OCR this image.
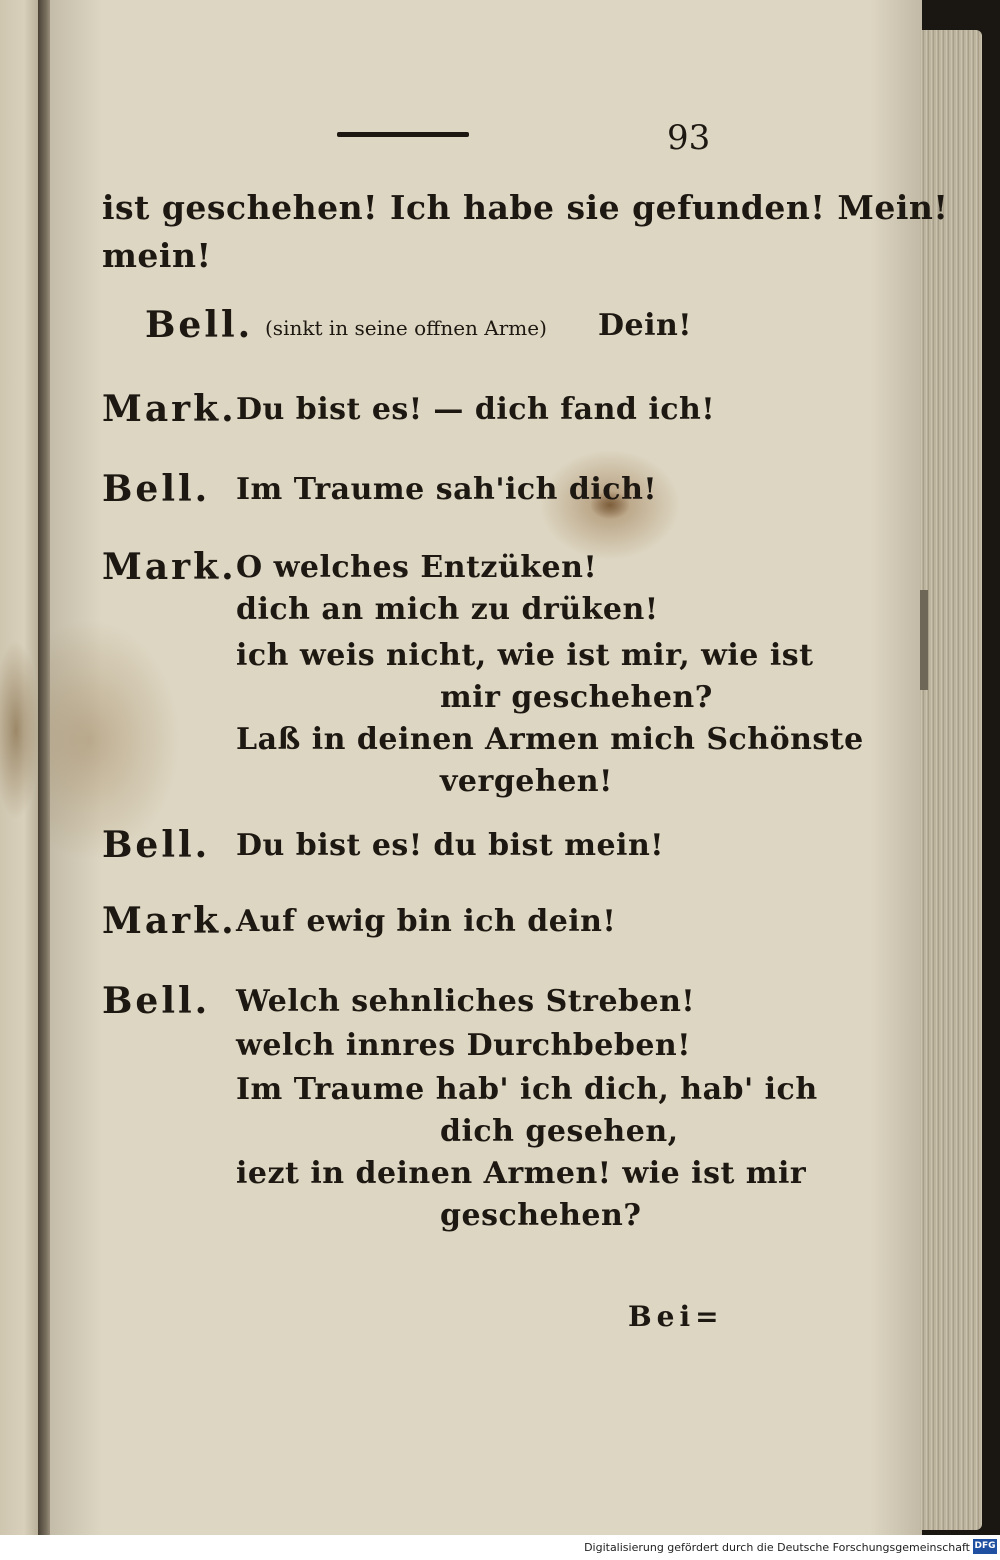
93
ist geschehen! Ich habe sie gefunden! Mein!
mein!
Bell. (sinkt in seine offnen Arme) Dein!
Mark. Du bist es! — dich fand ich!
Bell. Im Traume sah'ich dich!
Mark. O welches Entzüken!
dich an mich zu drüken!
ich weis nicht, wie ist mir, wie ist
mir geschehen?
Laß in deinen Armen mich Schönste
vergehen!
Bell. Du bist es! du bist mein!
Mark. Auf ewig bin ich dein!
Bell. Welch sehnliches Streben!
welch innres Durchbeben!
Im Traume hab' ich dich, hab' ich
dich gesehen,
iezt in deinen Armen! wie ist mir
geschehen?
Bei=
Digitalisierung gefördert durch die Deutsche Forschungsgemeinschaft DFG
